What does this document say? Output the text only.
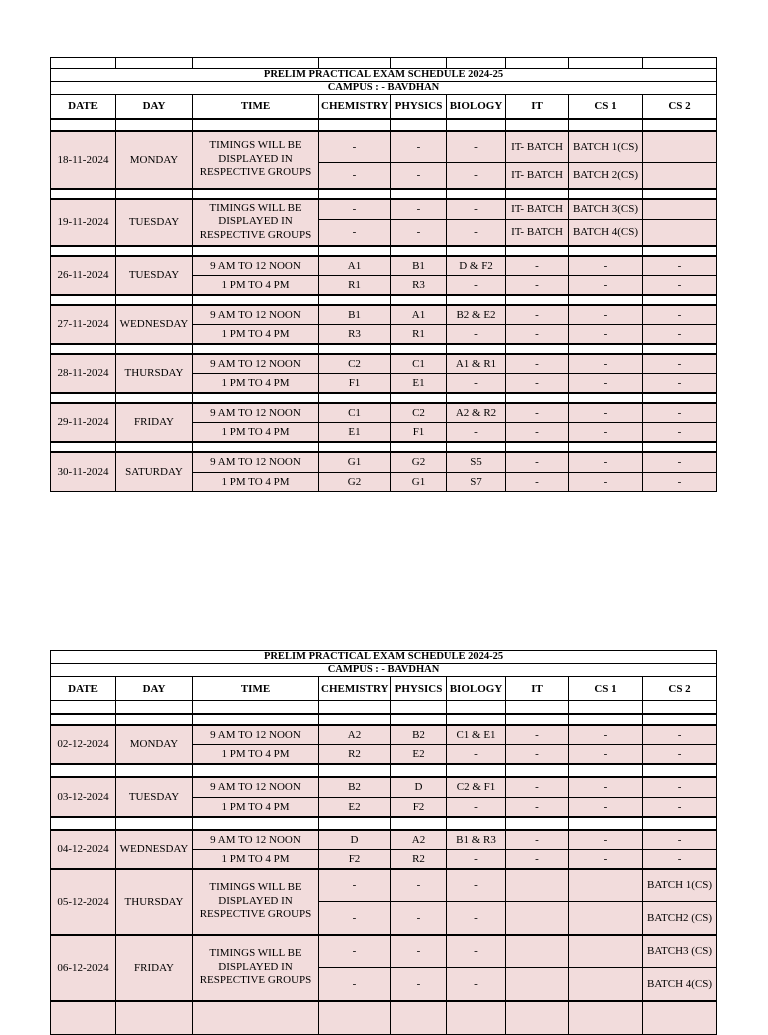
PRELIM PRACTICAL EXAM SCHEDULE 2024-25								
CAMPUS : - BAVDHAN								
DATE	DAY	TIME	CHEMISTRY	PHYSICS	BIOLOGY	IT	CS 1	CS 2

18-11-2024	MONDAY	TIMINGS WILL BE DISPLAYED IN RESPECTIVE GROUPS	-	-	-	IT- BATCH	BATCH 1(CS)	
			-	-	-	IT- BATCH	BATCH 2(CS)	

19-11-2024	TUESDAY	TIMINGS WILL BE DISPLAYED IN RESPECTIVE GROUPS	-	-	-	IT- BATCH	BATCH 3(CS)	
			-	-	-	IT- BATCH	BATCH 4(CS)	

26-11-2024	TUESDAY	9 AM TO 12 NOON	A1	B1	D & F2	-	-	-
		1 PM TO 4 PM	R1	R3	-	-	-	-

27-11-2024	WEDNESDAY	9 AM TO 12 NOON	B1	A1	B2 & E2	-	-	-
		1 PM TO 4 PM	R3	R1	-	-	-	-

28-11-2024	THURSDAY	9 AM TO 12 NOON	C2	C1	A1 & R1	-	-	-
		1 PM TO 4 PM	F1	E1	-	-	-	-

29-11-2024	FRIDAY	9 AM TO 12 NOON	C1	C2	A2 & R2	-	-	-
		1 PM TO 4 PM	E1	F1	-	-	-	-

30-11-2024	SATURDAY	9 AM TO 12 NOON	G1	G2	S5	-	-	-
		1 PM TO 4 PM	G2	G1	S7	-	-	-
PRELIM PRACTICAL EXAM SCHEDULE 2024-25								
CAMPUS : - BAVDHAN								
DATE	DAY	TIME	CHEMISTRY	PHYSICS	BIOLOGY	IT	CS 1	CS 2

02-12-2024	MONDAY	9 AM TO 12 NOON	A2	B2	C1 & E1	-	-	-
		1 PM TO 4 PM	R2	E2	-	-	-	-

03-12-2024	TUESDAY	9 AM TO 12 NOON	B2	D	C2 & F1	-	-	-
		1 PM TO 4 PM	E2	F2	-	-	-	-

04-12-2024	WEDNESDAY	9 AM TO 12 NOON	D	A2	B1 & R3	-	-	-
		1 PM TO 4 PM	F2	R2	-	-	-	-
05-12-2024	THURSDAY	TIMINGS WILL BE DISPLAYED IN RESPECTIVE GROUPS	-	-	-			BATCH 1(CS)
			-	-	-			BATCH2 (CS)
06-12-2024	FRIDAY	TIMINGS WILL BE DISPLAYED IN RESPECTIVE GROUPS	-	-	-			BATCH3 (CS)
			-	-	-			BATCH 4(CS)
